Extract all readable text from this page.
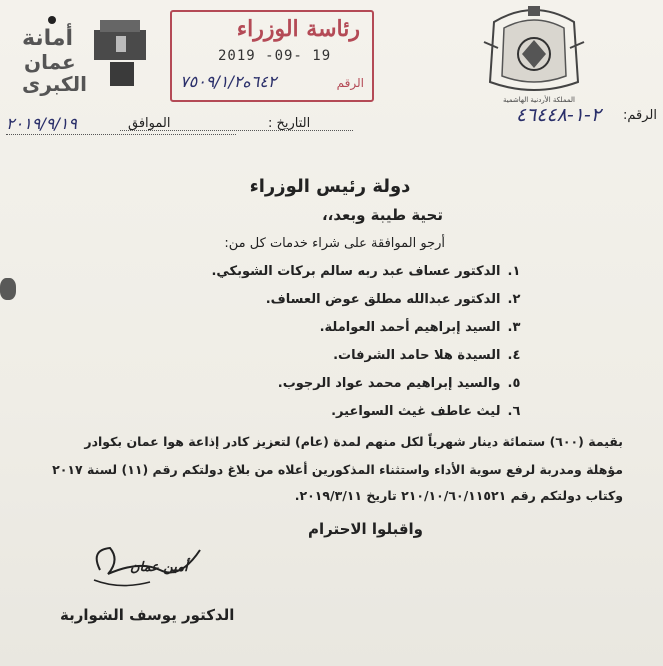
أمانة
عمان
الكبرى
رئاسة الوزراء
2019 -09- 19
الرقم
٦٤٢ه٧٥٠٩/١/٢
المملكة الأردنية الهاشمية
الرقم:
٢-١-٤٦٤٤٨
التاريخ :
الموافق
٢٠١٩/٩/١٩
دولة رئيس الوزراء
تحية طيبة وبعد،،
أرجو الموافقة على شراء خدمات كل من:
١. الدكتور عساف عبد ربه سالم بركات الشوبكي.
٢. الدكتور عبدالله مطلق عوض العساف.
٣. السيد إبراهيم أحمد العواملة.
٤. السيدة هلا حامد الشرفات.
٥. والسيد إبراهيم محمد عواد الرجوب.
٦. ليث عاطف غيث السواعير.
بقيمة (٦٠٠) ستمائة دينار شهرياً لكل منهم لمدة (عام) لتعزيز كادر إذاعة هوا عمان بكوادر
مؤهلة ومدربة لرفع سوية الأداء واستثناء المذكورين أعلاه من بلاغ دولتكم رقم (١١) لسنة ٢٠١٧
وكتاب دولتكم رقم ٢١٠/١٠/٦٠/١١٥٢١ تاريخ ٢٠١٩/٣/١١.
واقبلوا الاحترام
أمين عمان
الدكتور يوسف الشواربة
